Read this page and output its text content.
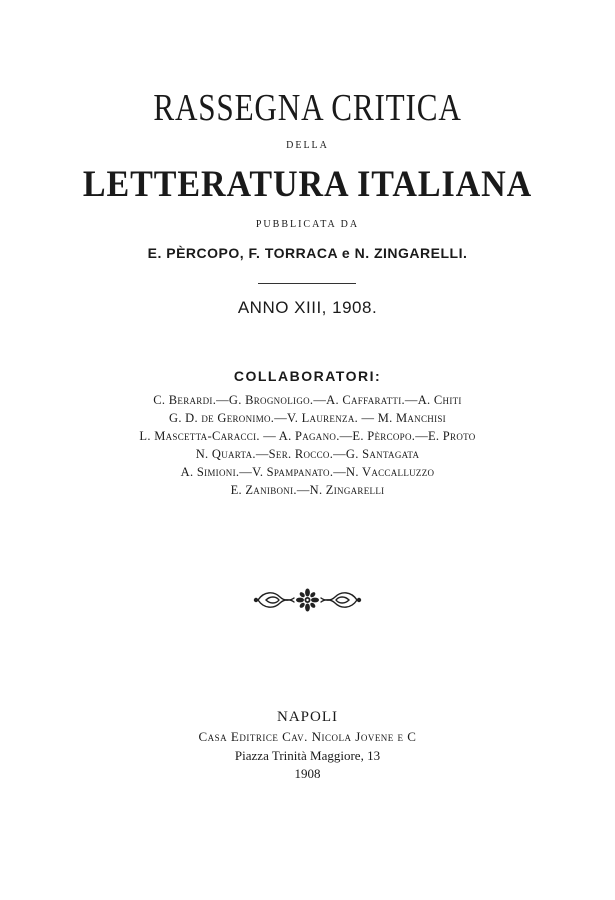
RASSEGNA CRITICA
DELLA
LETTERATURA ITALIANA
PUBBLICATA DA
E. PÈRCOPO, F. TORRACA e N. ZINGARELLI.
ANNO XIII, 1908.
COLLABORATORI:
C. Berardi.—G. Brognoligo.—A. Caffaratti.—A. Chiti
G. D. de Geronimo.—V. Laurenza. — M. Manchisi
L. Mascetta-Caracci. — A. Pagano.—E. Pèrcopo.—E. Proto
N. Quarta.—Ser. Rocco.—G. Santagata
A. Simioni.—V. Spampanato.—N. Vaccalluzzo
E. Zaniboni.—N. Zingarelli
NAPOLI
Casa Editrice Cav. Nicola Jovene e C
Piazza Trinità Maggiore, 13
1908
